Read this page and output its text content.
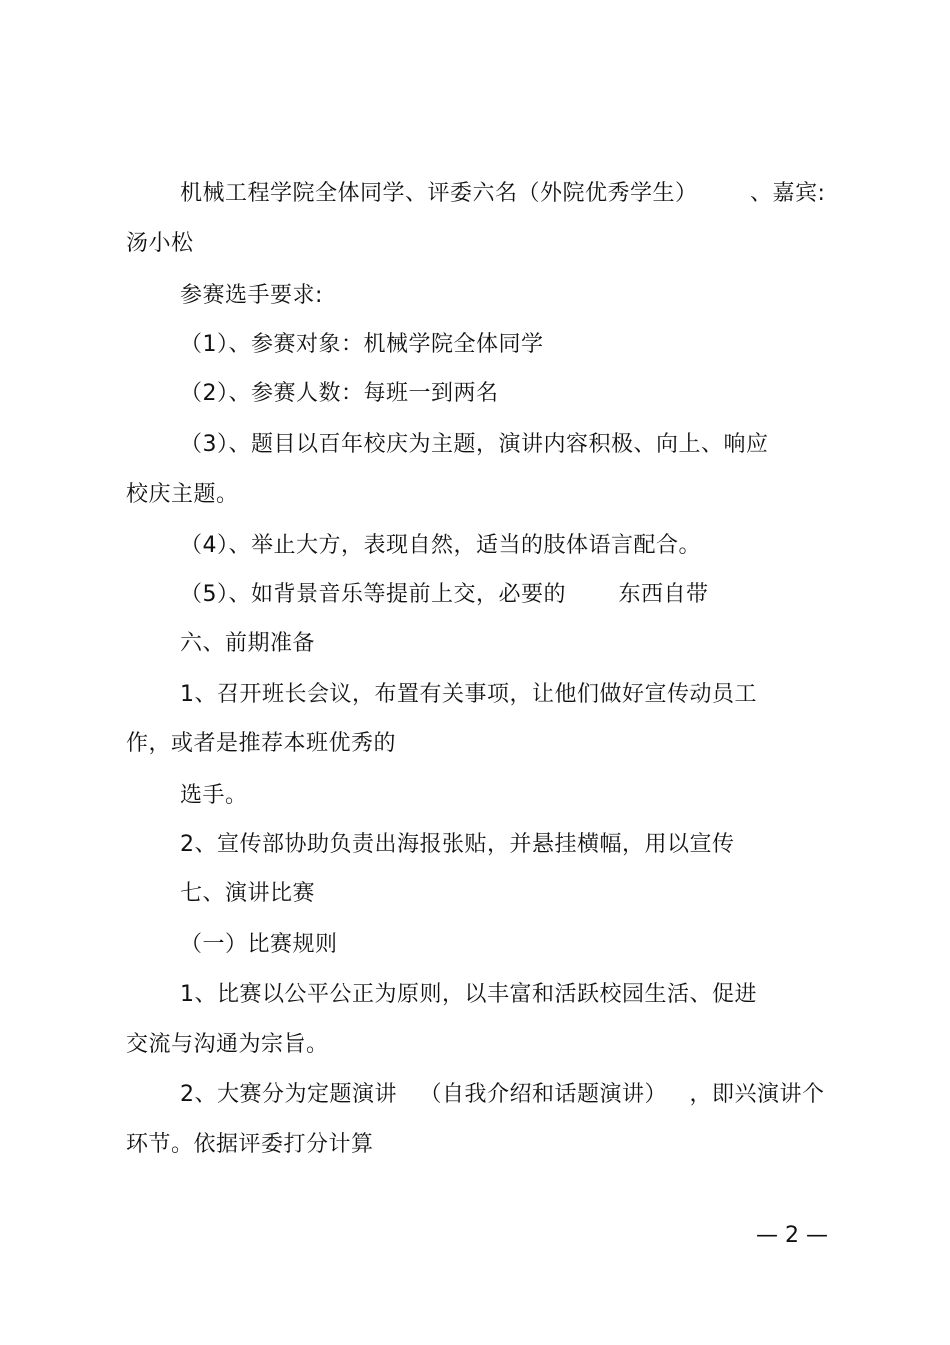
机械工程学院全体同学、评委六名（外院优秀学生）       、嘉宾:
汤小松
参赛选手要求:
（1）、参赛对象：机械学院全体同学
（2）、参赛人数：每班一到两名
（3）、题目以百年校庆为主题，演讲内容积极、向上、响应
校庆主题。
（4）、举止大方，表现自然，适当的肢体语言配合。
（5）、如背景音乐等提前上交，必要的       东西自带
六、前期准备
1、召开班长会议，布置有关事项，让他们做好宣传动员工
作，或者是推荐本班优秀的
选手。
2、宣传部协助负责出海报张贴，并悬挂横幅，用以宣传
七、演讲比赛
（一）比赛规则
1、比赛以公平公正为原则，以丰富和活跃校园生活、促进
交流与沟通为宗旨。
2、大赛分为定题演讲   （自我介绍和话题演讲）   ，即兴演讲个
环节。依据评委打分计算
— 2 —
